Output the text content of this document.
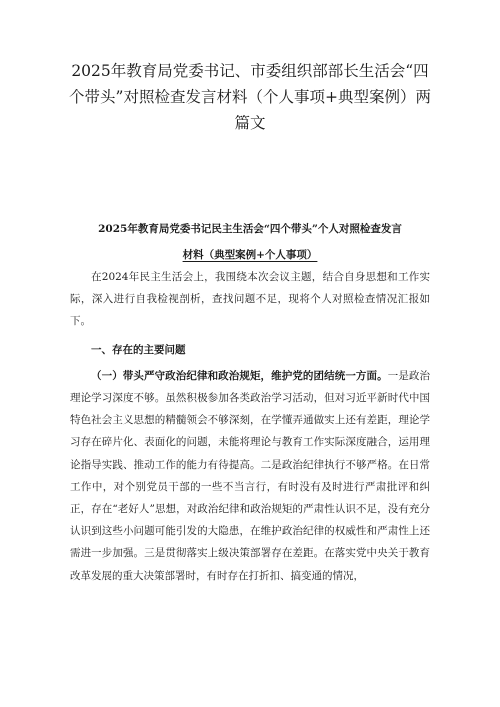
2025年教育局党委书记、市委组织部部长生活会“四个带头”对照检查发言材料（个人事项+典型案例）两篇文
2025年教育局党委书记民主生活会“四个带头”个人对照检查发言
材料（典型案例+个人事项）

在2024年民主生活会上，我围绕本次会议主题，结合自身思想和工作实际，深入进行自我检视剖析，查找问题不足，现将个人对照检查情况汇报如下。

一、存在的主要问题

（一）带头严守政治纪律和政治规矩，维护党的团结统一方面。一是政治理论学习深度不够。虽然积极参加各类政治学习活动，但对习近平新时代中国特色社会主义思想的精髓领会不够深刻，在学懂弄通做实上还有差距，理论学习存在碎片化、表面化的问题，未能将理论与教育工作实际深度融合，运用理论指导实践、推动工作的能力有待提高。二是政治纪律执行不够严格。在日常工作中，对个别党员干部的一些不当言行，有时没有及时进行严肃批评和纠正，存在“老好人”思想，对政治纪律和政治规矩的严肃性认识不足，没有充分认识到这些小问题可能引发的大隐患，在维护政治纪律的权威性和严肃性上还需进一步加强。三是贯彻落实上级决策部署存在差距。在落实党中央关于教育改革发展的重大决策部署时，有时存在打折扣、搞变通的情况，
